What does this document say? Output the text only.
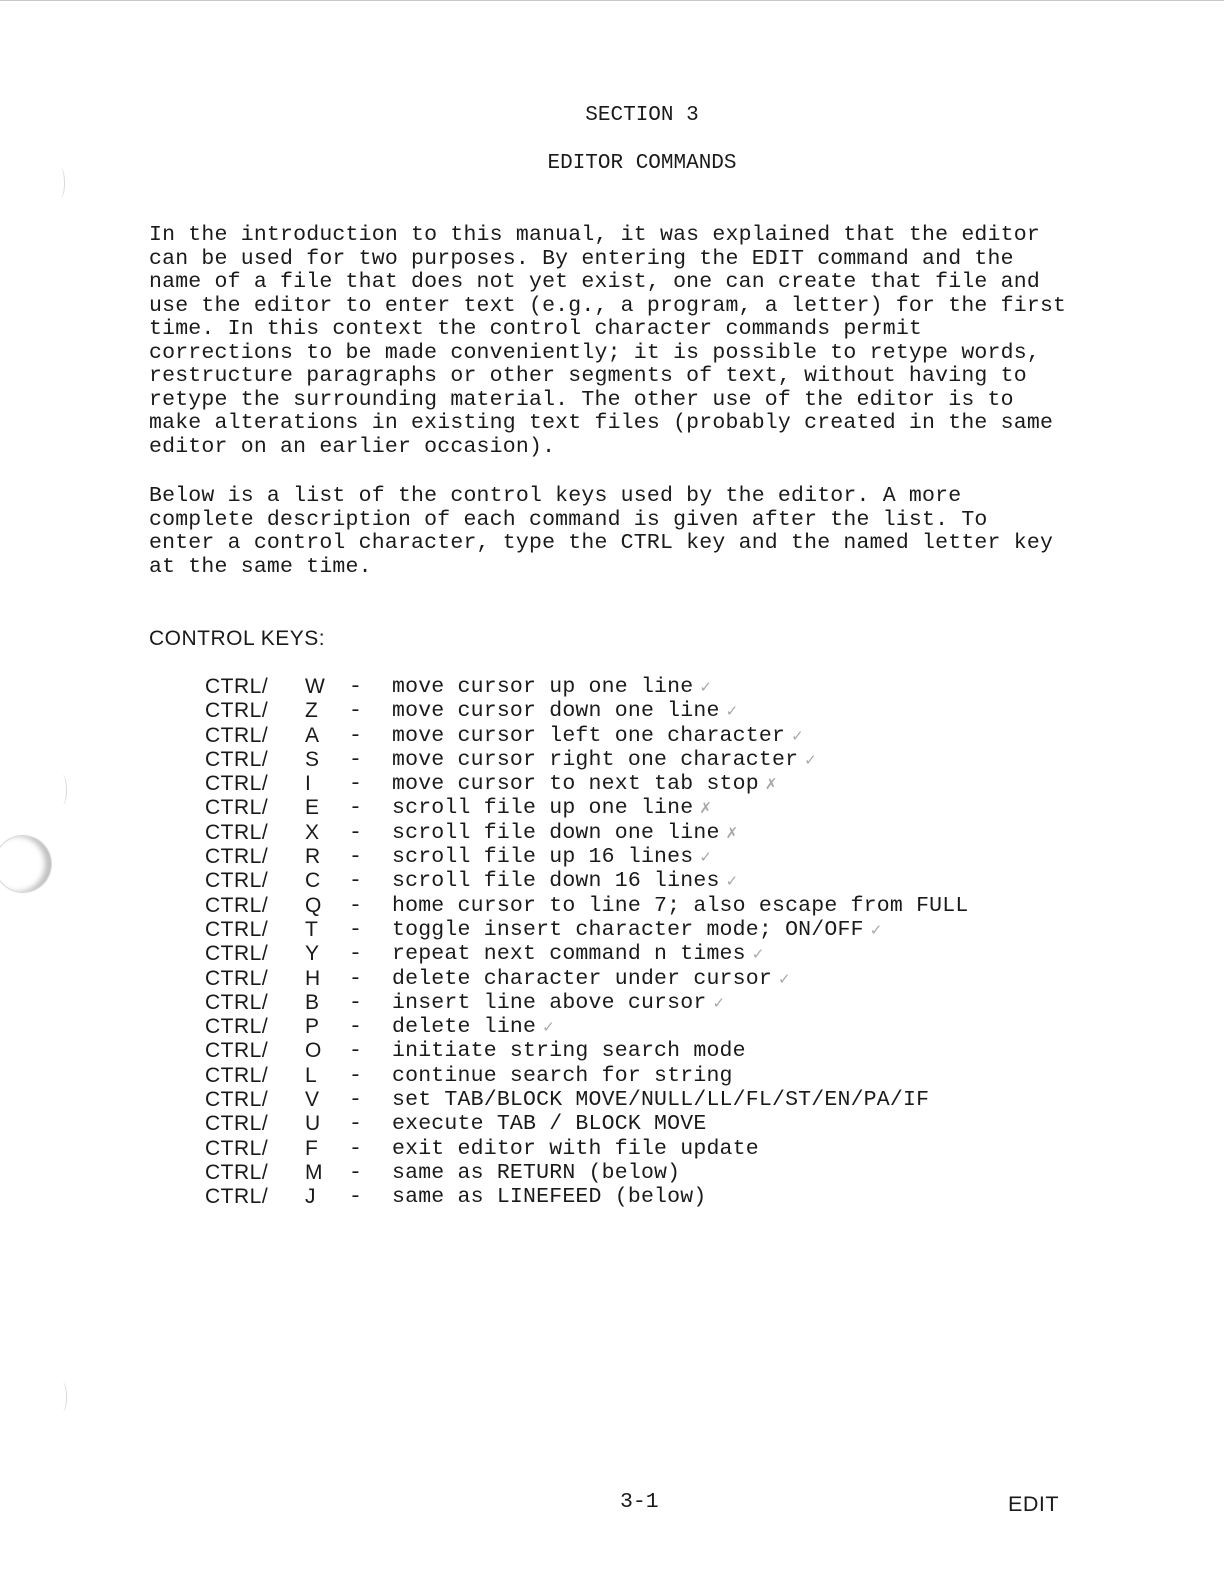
SECTION 3
EDITOR COMMANDS
In the introduction to this manual, it was explained that the editor
can be used for two purposes. By entering the EDIT command and the
name of a file that does not yet exist, one can create that file and
use the editor to enter text (e.g., a program, a letter) for the first
time. In this context the control character commands permit
corrections to be made conveniently; it is possible to retype words,
restructure paragraphs or other segments of text, without having to
retype the surrounding material. The other use of the editor is to
make alterations in existing text files (probably created in the same
editor on an earlier occasion).
Below is a list of the control keys used by the editor. A more
complete description of each command is given after the list. To
enter a control character, type the CTRL key and the named letter key
at the same time.
CONTROL KEYS:
CTRL/ W - move cursor up one line ✓
CTRL/ Z - move cursor down one line ✓
CTRL/ A - move cursor left one character ✓
CTRL/ S - move cursor right one character ✓
CTRL/ I - move cursor to next tab stop ✗
CTRL/ E - scroll file up one line ✗
CTRL/ X - scroll file down one line ✗
CTRL/ R - scroll file up 16 lines ✓
CTRL/ C - scroll file down 16 lines ✓
CTRL/ Q - home cursor to line 7; also escape from FULL
CTRL/ T - toggle insert character mode; ON/OFF ✓
CTRL/ Y - repeat next command n times ✓
CTRL/ H - delete character under cursor ✓
CTRL/ B - insert line above cursor ✓
CTRL/ P - delete line ✓
CTRL/ O - initiate string search mode
CTRL/ L - continue search for string
CTRL/ V - set TAB/BLOCK MOVE/NULL/LL/FL/ST/EN/PA/IF
CTRL/ U - execute TAB / BLOCK MOVE
CTRL/ F - exit editor with file update
CTRL/ M - same as RETURN (below)
CTRL/ J - same as LINEFEED (below)
3-1	EDIT
